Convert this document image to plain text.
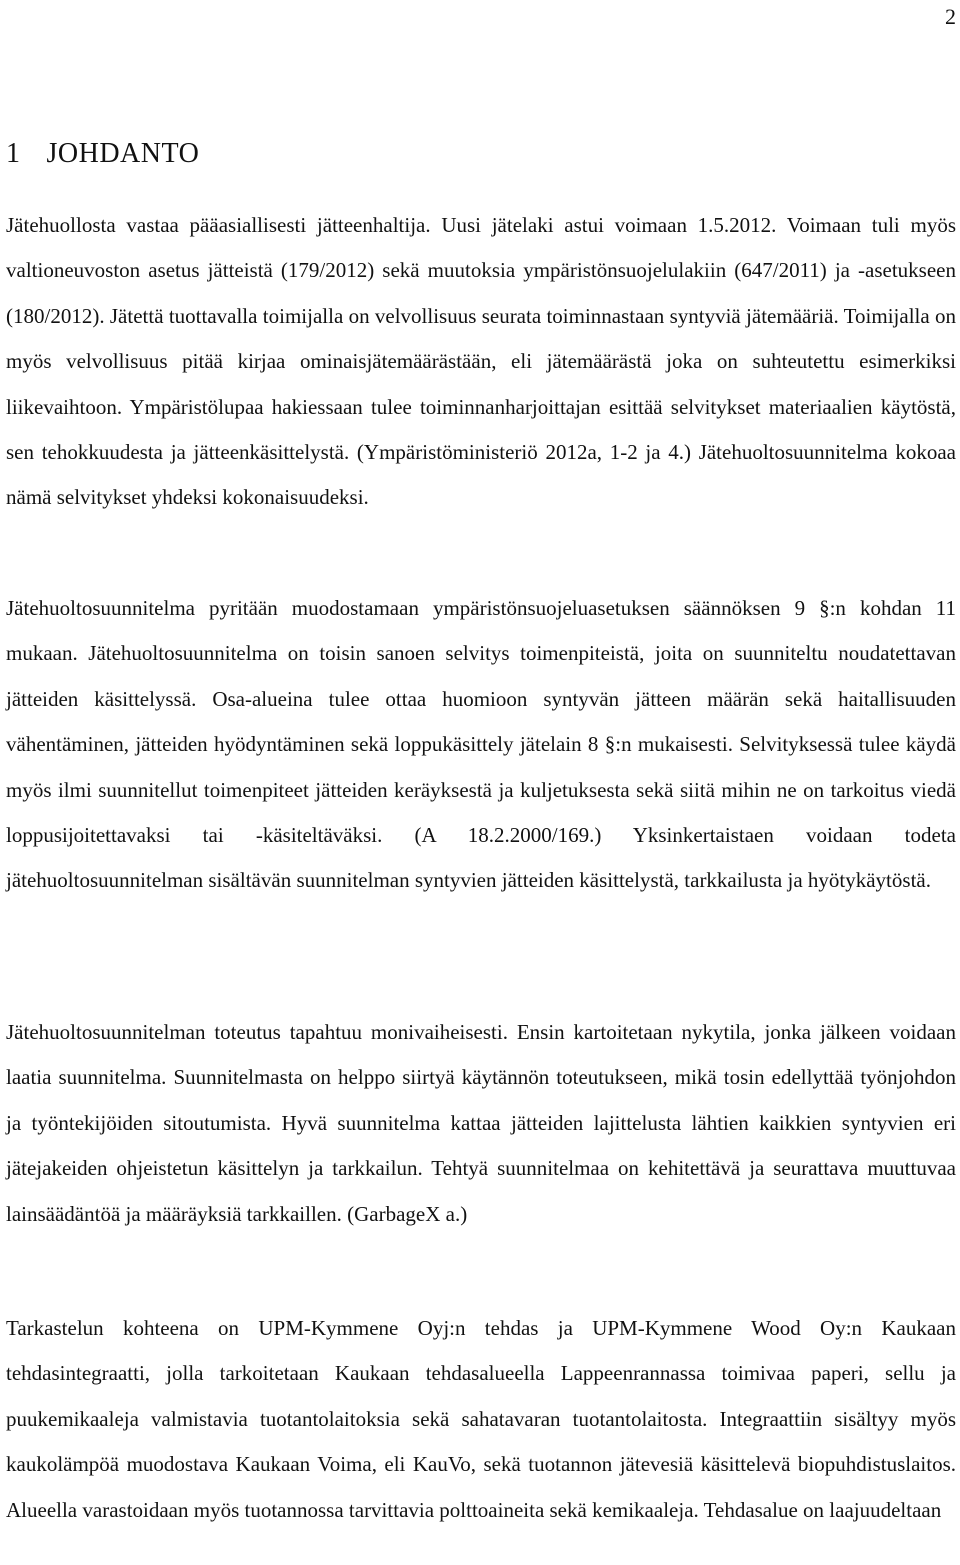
2
1 JOHDANTO

Jätehuollosta vastaa pääasiallisesti jätteenhaltija. Uusi jätelaki astui voimaan 1.5.2012. Voimaan tuli myös valtioneuvoston asetus jätteistä (179/2012) sekä muutoksia ympäristönsuojelulakiin (647/2011) ja -asetukseen (180/2012). Jätettä tuottavalla toimijalla on velvollisuus seurata toiminnastaan syntyviä jätemääriä. Toimijalla on myös velvollisuus pitää kirjaa ominaisjätemäärästään, eli jätemäärästä joka on suhteutettu esimerkiksi liikevaihtoon. Ympäristölupaa hakiessaan tulee toiminnanharjoittajan esittää selvitykset materiaalien käytöstä, sen tehokkuudesta ja jätteenkäsittelystä. (Ympäristöministeriö 2012a, 1-2 ja 4.) Jätehuoltosuunnitelma kokoaa nämä selvitykset yhdeksi kokonaisuudeksi.

Jätehuoltosuunnitelma pyritään muodostamaan ympäristönsuojeluasetuksen säännöksen 9 §:n kohdan 11 mukaan. Jätehuoltosuunnitelma on toisin sanoen selvitys toimenpiteistä, joita on suunniteltu noudatettavan jätteiden käsittelyssä. Osa-alueina tulee ottaa huomioon syntyvän jätteen määrän sekä haitallisuuden vähentäminen, jätteiden hyödyntäminen sekä loppukäsittely jätelain 8 §:n mukaisesti. Selvityksessä tulee käydä myös ilmi suunnitellut toimenpiteet jätteiden keräyksestä ja kuljetuksesta sekä siitä mihin ne on tarkoitus viedä loppusijoitettavaksi tai -käsiteltäväksi. (A 18.2.2000/169.) Yksinkertaistaen voidaan todeta jätehuoltosuunnitelman sisältävän suunnitelman syntyvien jätteiden käsittelystä, tarkkailusta ja hyötykäytöstä.

Jätehuoltosuunnitelman toteutus tapahtuu monivaiheisesti. Ensin kartoitetaan nykytila, jonka jälkeen voidaan laatia suunnitelma. Suunnitelmasta on helppo siirtyä käytännön toteutukseen, mikä tosin edellyttää työnjohdon ja työntekijöiden sitoutumista. Hyvä suunnitelma kattaa jätteiden lajittelusta lähtien kaikkien syntyvien eri jätejakeiden ohjeistetun käsittelyn ja tarkkailun. Tehtyä suunnitelmaa on kehitettävä ja seurattava muuttuvaa lainsäädäntöä ja määräyksiä tarkkaillen. (GarbageX a.)

Tarkastelun kohteena on UPM-Kymmene Oyj:n tehdas ja UPM-Kymmene Wood Oy:n Kaukaan tehdasintegraatti, jolla tarkoitetaan Kaukaan tehdasalueella Lappeenrannassa toimivaa paperi, sellu ja puukemikaaleja valmistavia tuotantolaitoksia sekä sahatavaran tuotantolaitosta. Integraattiin sisältyy myös kaukolämpöä muodostava Kaukaan Voima, eli KauVo, sekä tuotannon jätevesiä käsittelevä biopuhdistuslaitos. Alueella varastoidaan myös tuotannossa tarvittavia polttoaineita sekä kemikaaleja. Tehdasalue on laajuudeltaan
